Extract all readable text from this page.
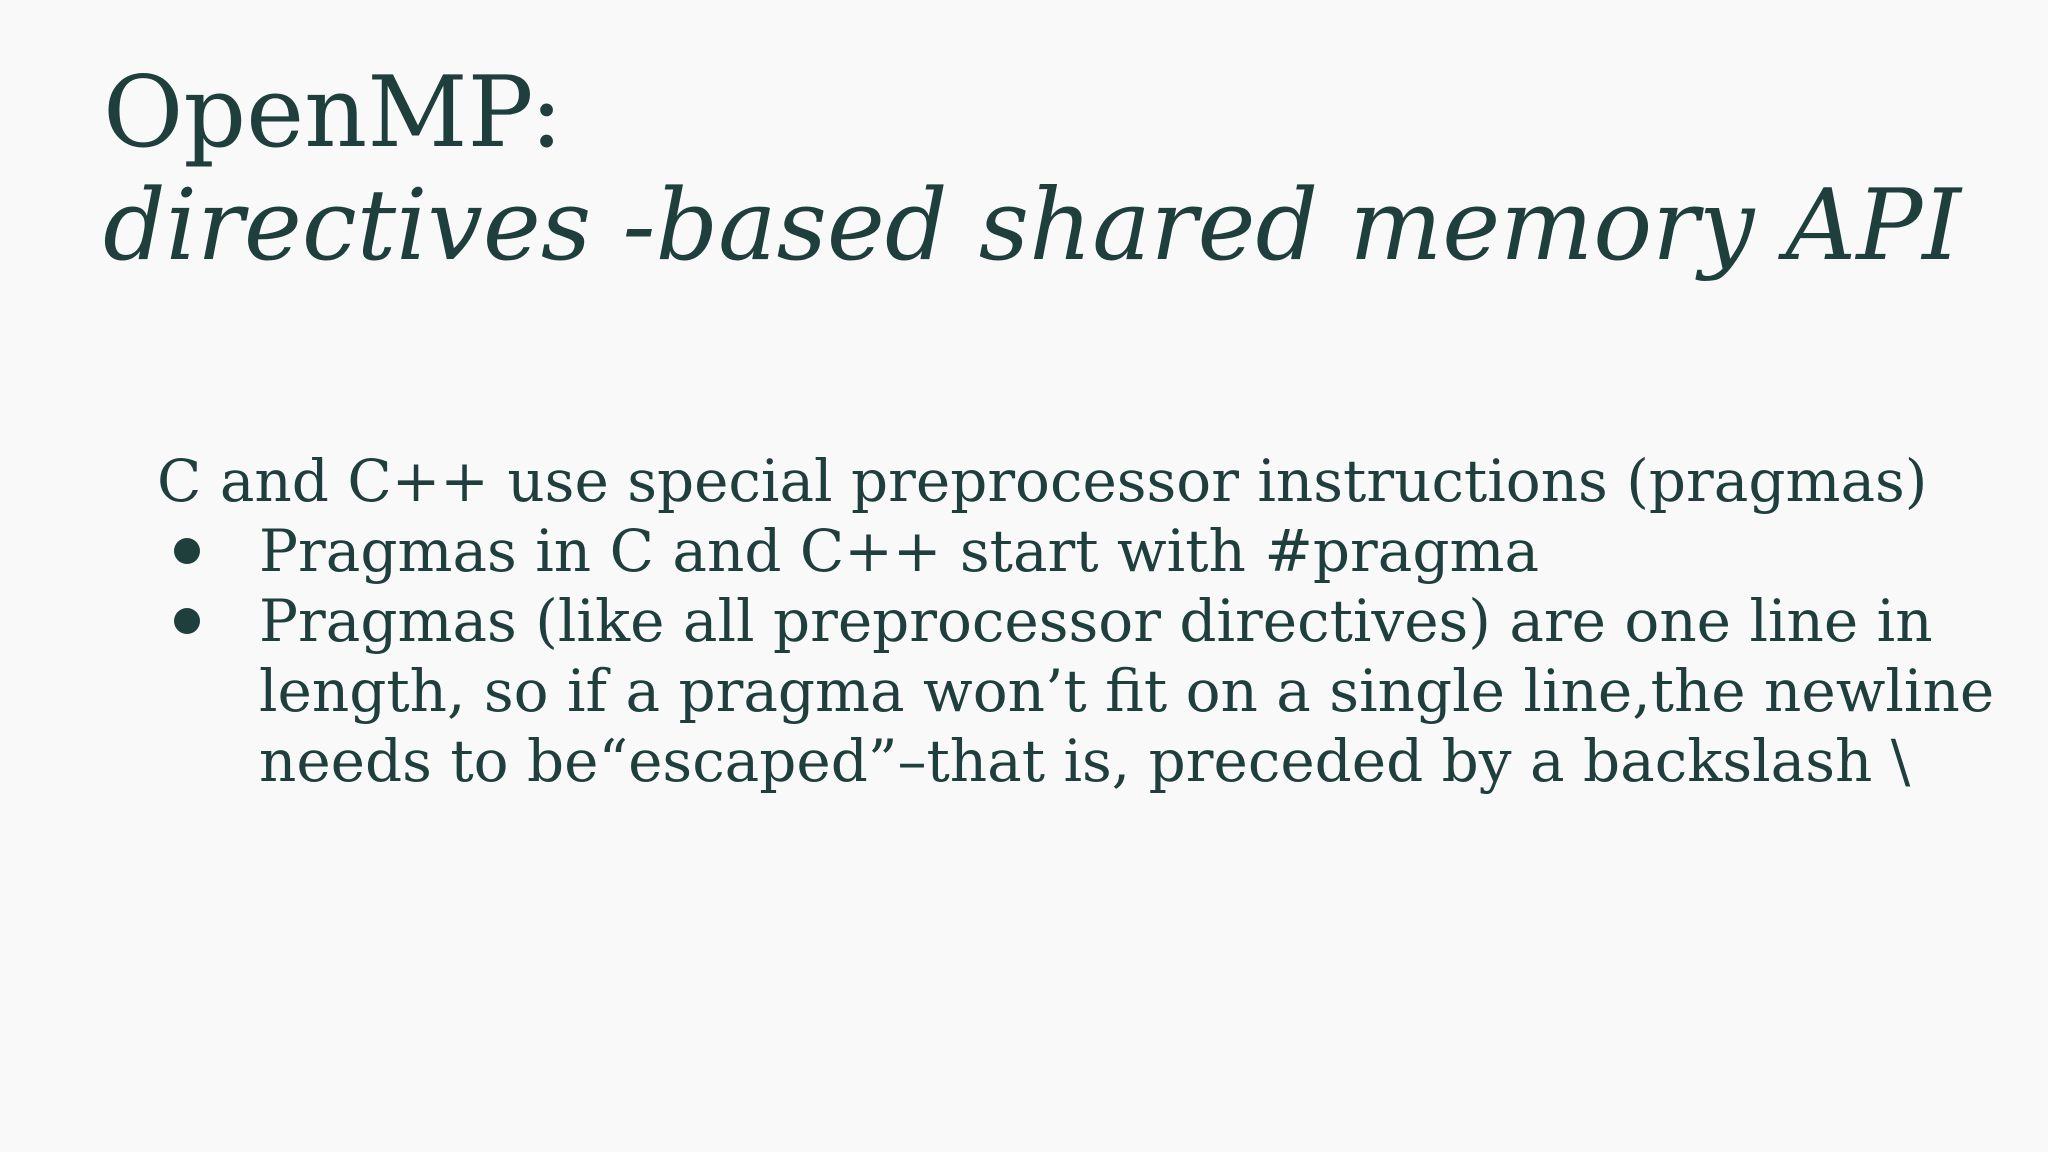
OpenMP:
directives -based shared memory API

C and C++ use special preprocessor instructions (pragmas)

Pragmas in C and C++ start with #pragma
Pragmas (like all preprocessor directives) are one line in
length, so if a pragma won’t fit on a single line,the newline
needs to be“escaped”–that is, preceded by a backslash \
